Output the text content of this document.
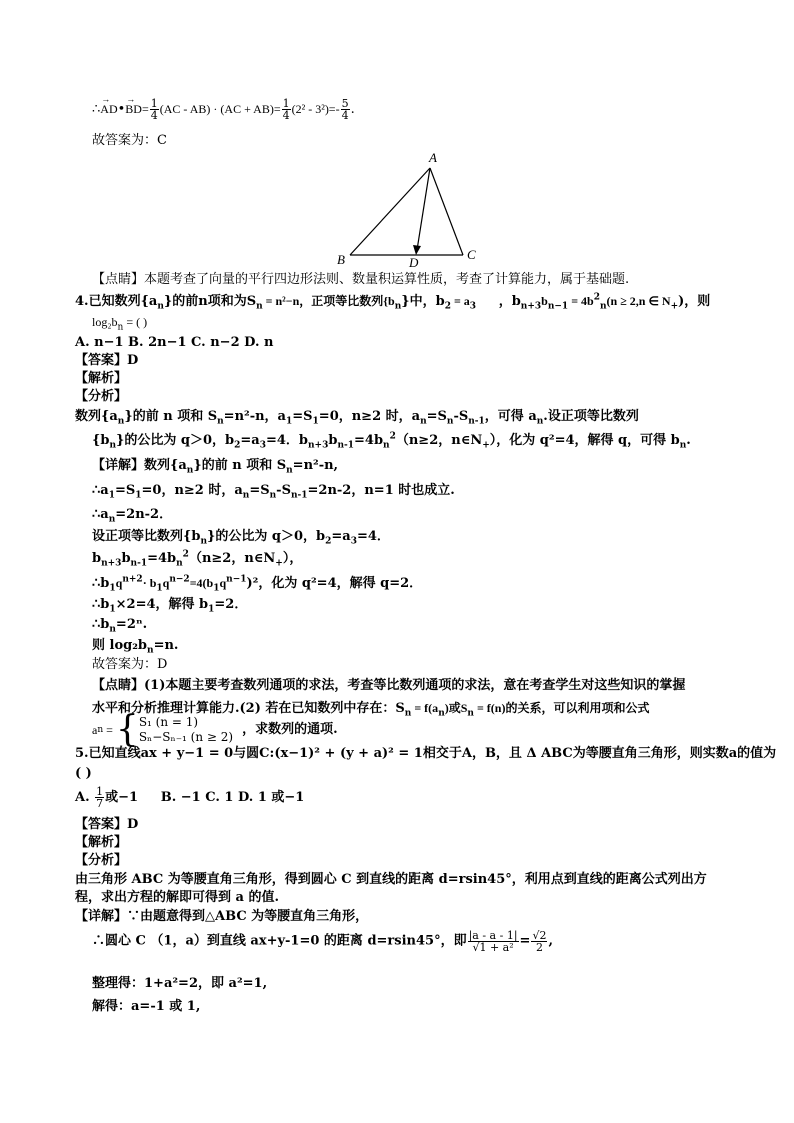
∴→ AD•→ $BD= \frac{1}{4} (AC - AB) \cdot (AC + AB)= \frac{1}{4} (2^2 - 3^2)=- \frac{5}{4}$ .
故答案为：C
A
B	C
D
【点睛】本题考查了向量的平行四边形法则、数量积运算性质，考查了计算能力，属于基础题.
4.已知数列$\{a_n\}$的前n项和为$S_n = n^2-n$，正项等比数列$\{b_n\}$中，$b_2 = a_3$ ，$b_{n+3}b_{n-1} = 4b^2_n(n \ge 2,n$ ∈ $N_+$)，则
$\log_2b_n$ = ( )
A. n−1 B. 2n−1 C. n−2 D. n
【答案】D
【解析】
【分析】
数列$\{a_n\}$的前 n 项和 $S_n=n^2-n$，$a_1=S_1=0$，n≥2 时，$a_n=S_n-S_{n-1}$，可得 $a_n$.设正项等比数列
$\{b_n\}$的公比为 q＞0，$b_2=a_3=4$．$b_{n+3}b_{n-1}=4b_n^2(n\ge 2$，$n\in N_+$），化为 q²=4，解得 q，可得 $b_n$.
【详解】数列$\{a_n\}$的前 n 项和 $S_n=n^2-n$,
$\therefore a_1=S_1=0$，n≥2 时，$a_n=S_n-S_{n-1}=2n-2$，n=1 时也成立.
$\therefore a_n=2n-2$．
设正项等比数列$\{b_n\}$的公比为 q＞0，$b_2=a_3=4$．
$b_{n+3}b_{n-1}=4b_n^2(n\ge 2$，$n\in N_+$），
$\therefore b_1q^{n+2}\cdot b_1q^{n-2}=4(b_1q^{n-1})^2$，化为 q²=4，解得 q=2．
$\therefore b_1\times 2=4$，解得 $b_1=2$．
$\therefore b_n=2^n$.
则 $\log_2b_n=n$.
故答案为：D
【点睛】(1)本题主要考查数列通项的求法，考查等比数列通项的求法，意在考查学生对这些知识的掌握
水平和分析推理计算能力.(2) 若在已知数列中存在：$S_n = f(a_n)$或$S_n = f(n)$的关系，可以利用项和公式
an = { S₁ (n = 1)
Sₙ−Sₙ₋₁ (n ≥ 2) ，求数列的通项.
5.已知直线ax + y−1 = 0与圆C:(x−1)² + (y + a)² = 1相交于A，B，且 Δ ABC为等腰直角三角形，则实数a的值为
( )
A. $\frac{1}{7}$ 或−1 B. −1 C. 1 D. 1 或−1
【答案】D
【解析】
【分析】
由三角形 ABC 为等腰直角三角形，得到圆心 C 到直线的距离 d=rsin45°，利用点到直线的距离公式列出方
程，求出方程的解即可得到 a 的值.
【详解】∵由题意得到△ABC 为等腰直角三角形，
∴圆心 C （1，a）到直线 ax+y-1=0 的距离 d=rsin45°，即 $\frac{|a - a - 1|}{\text{√1 + a²}} = \frac{√2}{2}$ ,
整理得：1+a²=2，即 a²=1,
解得：a=-1 或 1,
